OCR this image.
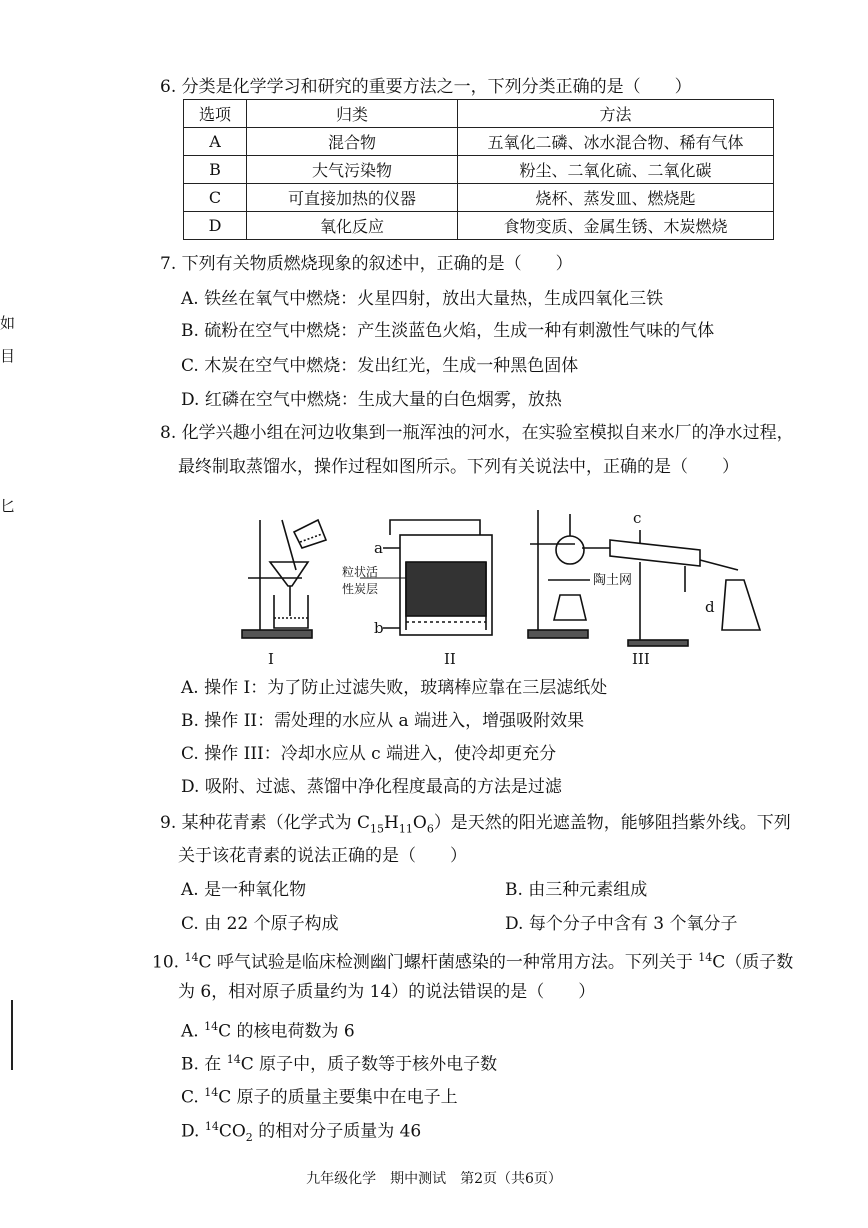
如
目
匕
6. 分类是化学学习和研究的重要方法之一，下列分类正确的是（　　）
选项	归类	方法
A	混合物	五氧化二磷、冰水混合物、稀有气体
B	大气污染物	粉尘、二氧化硫、二氧化碳
C	可直接加热的仪器	烧杯、蒸发皿、燃烧匙
D	氧化反应	食物变质、金属生锈、木炭燃烧
7. 下列有关物质燃烧现象的叙述中，正确的是（　　）
A. 铁丝在氧气中燃烧：火星四射，放出大量热，生成四氧化三铁
B. 硫粉在空气中燃烧：产生淡蓝色火焰，生成一种有刺激性气味的气体
C. 木炭在空气中燃烧：发出红光，生成一种黑色固体
D. 红磷在空气中燃烧：生成大量的白色烟雾，放热
8. 化学兴趣小组在河边收集到一瓶浑浊的河水，在实验室模拟自来水厂的净水过程，
最终制取蒸馏水，操作过程如图所示。下列有关说法中，正确的是（　　）
I	II	III
a
b
c
d
粒状活
性炭层
陶土网
A. 操作 I：为了防止过滤失败，玻璃棒应靠在三层滤纸处
B. 操作 II：需处理的水应从 a 端进入，增强吸附效果
C. 操作 III：冷却水应从 c 端进入，使冷却更充分
D. 吸附、过滤、蒸馏中净化程度最高的方法是过滤
9. 某种花青素（化学式为 $C_{15}H_{11}O_6$）是天然的阳光遮盖物，能够阻挡紫外线。下列
关于该花青素的说法正确的是（　　）
A. 是一种氧化物	B. 由三种元素组成
C. 由 22 个原子构成	D. 每个分子中含有 3 个氧分子
10. $^{14}$C 呼气试验是临床检测幽门螺杆菌感染的一种常用方法。下列关于 $^{14}$C（质子数
为 6，相对原子质量约为 14）的说法错误的是（　　）
A. $^{14}$C 的核电荷数为 6
B. 在 $^{14}$C 原子中，质子数等于核外电子数
C. $^{14}$C 原子的质量主要集中在电子上
D. $^{14}CO_2$ 的相对分子质量为 46
九年级化学　期中测试　第2页（共6页）
